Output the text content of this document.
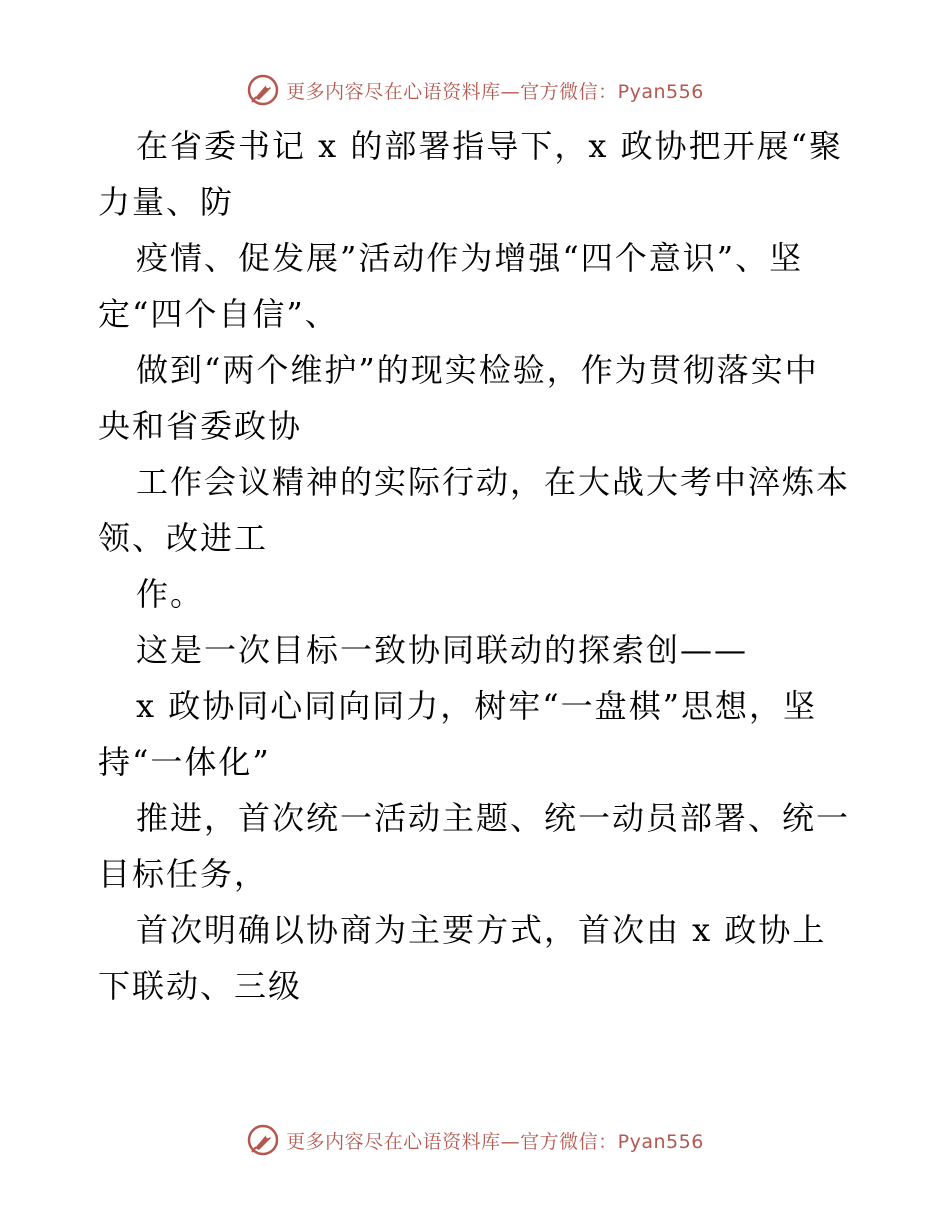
更多内容尽在心语资料库—官方微信：Pyan556
在省委书记 x 的部署指导下，x 政协把开展“聚
力量、防
疫情、促发展”活动作为增强“四个意识”、坚
定“四个自信”、
做到“两个维护”的现实检验，作为贯彻落实中
央和省委政协
工作会议精神的实际行动，在大战大考中淬炼本
领、改进工
作。
这是一次目标一致协同联动的探索创——
x 政协同心同向同力，树牢“一盘棋”思想，坚
持“一体化”
推进，首次统一活动主题、统一动员部署、统一
目标任务，
首次明确以协商为主要方式，首次由 x 政协上
下联动、三级
更多内容尽在心语资料库—官方微信：Pyan556
